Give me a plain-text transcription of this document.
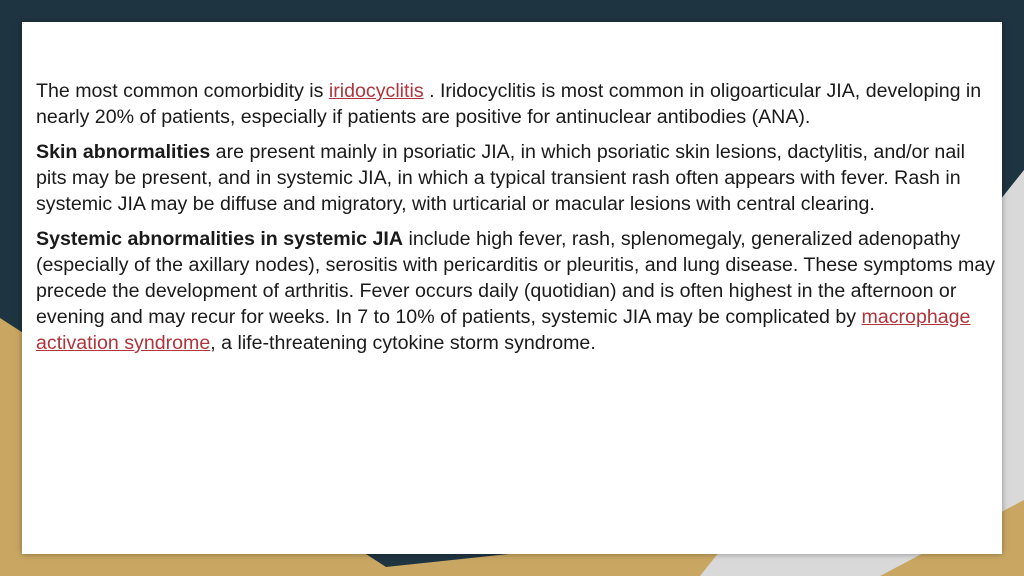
The most common comorbidity is iridocyclitis . Iridocyclitis is most common in oligoarticular JIA, developing in nearly 20% of patients, especially if patients are positive for antinuclear antibodies (ANA).

Skin abnormalities are present mainly in psoriatic JIA, in which psoriatic skin lesions, dactylitis, and/or nail pits may be present, and in systemic JIA, in which a typical transient rash often appears with fever. Rash in systemic JIA may be diffuse and migratory, with urticarial or macular lesions with central clearing.

Systemic abnormalities in systemic JIA include high fever, rash, splenomegaly, generalized adenopathy (especially of the axillary nodes), serositis with pericarditis or pleuritis, and lung disease. These symptoms may precede the development of arthritis. Fever occurs daily (quotidian) and is often highest in the afternoon or evening and may recur for weeks. In 7 to 10% of patients, systemic JIA may be complicated by macrophage activation syndrome, a life-threatening cytokine storm syndrome.
